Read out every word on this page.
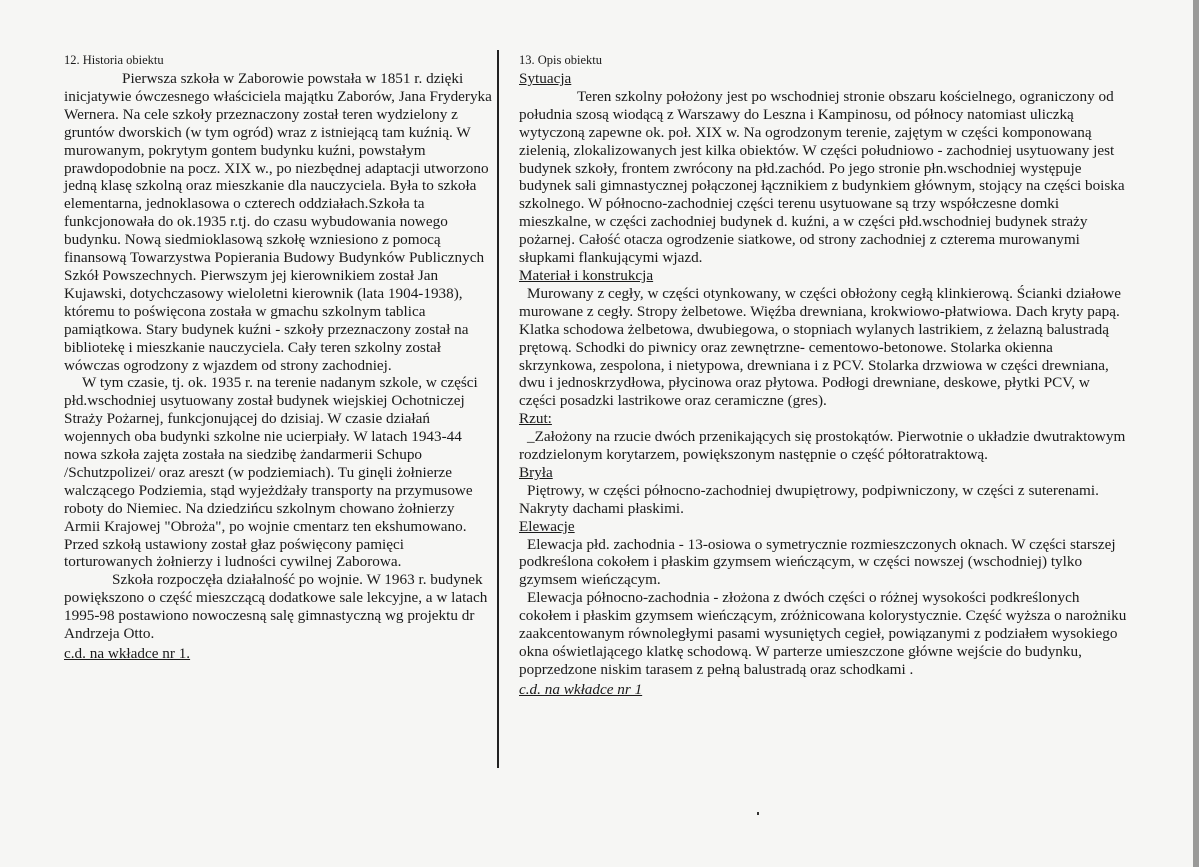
12. Historia obiektu

Pierwsza szkoła w Zaborowie powstała w 1851 r. dzięki inicjatywie ówczesnego właściciela majątku Zaborów, Jana Fryderyka Wernera. Na cele szkoły przeznaczony został teren wydzielony z gruntów dworskich (w tym ogród) wraz z istniejącą tam kuźnią. W murowanym, pokrytym gontem budynku kuźni, powstałym prawdopodobnie na pocz. XIX w., po niezbędnej adaptacji utworzono jedną klasę szkolną oraz mieszkanie dla nauczyciela. Była to szkoła elementarna, jednoklasowa o czterech oddziałach.Szkoła ta funkcjonowała do ok.1935 r.tj. do czasu wybudowania nowego budynku. Nową siedmioklasową szkołę wzniesiono z pomocą finansową Towarzystwa Popierania Budowy Budynków Publicznych Szkół Powszechnych. Pierwszym jej kierownikiem został Jan Kujawski, dotychczasowy wieloletni kierownik (lata 1904-1938), któremu to poświęcona została w gmachu szkolnym tablica pamiątkowa. Stary budynek kuźni - szkoły przeznaczony został na bibliotekę i mieszkanie nauczyciela. Cały teren szkolny został wówczas ogrodzony z wjazdem od strony zachodniej.

W tym czasie, tj. ok. 1935 r. na terenie nadanym szkole, w części płd.wschodniej usytuowany został budynek wiejskiej Ochotniczej Straży Pożarnej, funkcjonującej do dzisiaj. W czasie działań wojennych oba budynki szkolne nie ucierpiały. W latach 1943-44 nowa szkoła zajęta została na siedzibę żandarmerii Schupo /Schutzpolizei/ oraz areszt (w podziemiach). Tu ginęli żołnierze walczącego Podziemia, stąd wyjeżdżały transporty na przymusowe roboty do Niemiec. Na dziedzińcu szkolnym chowano żołnierzy Armii Krajowej "Obroża", po wojnie cmentarz ten ekshumowano. Przed szkołą ustawiony został głaz poświęcony pamięci torturowanych żołnierzy i ludności cywilnej Zaborowa.

Szkoła rozpoczęła działalność po wojnie. W 1963 r. budynek powiększono o część mieszczącą dodatkowe sale lekcyjne, a w latach 1995-98 postawiono nowoczesną salę gimnastyczną wg projektu dr Andrzeja Otto.

c.d. na wkładce nr 1.

13. Opis obiektu

Sytuacja

Teren szkolny położony jest po wschodniej stronie obszaru kościelnego, ograniczony od południa szosą wiodącą z Warszawy do Leszna i Kampinosu, od północy natomiast uliczką wytyczoną zapewne ok. poł. XIX w. Na ogrodzonym terenie, zajętym w części komponowaną zielenią, zlokalizowanych jest kilka obiektów. W części południowo - zachodniej usytuowany jest budynek szkoły, frontem zwrócony na płd.zachód. Po jego stronie płn.wschodniej występuje budynek sali gimnastycznej połączonej łącznikiem z budynkiem głównym, stojący na części boiska szkolnego. W północno-zachodniej części terenu usytuowane są trzy współczesne domki mieszkalne, w części zachodniej budynek d. kuźni, a w części płd.wschodniej budynek straży pożarnej. Całość otacza ogrodzenie siatkowe, od strony zachodniej z czterema murowanymi słupkami flankującymi wjazd.

Materiał i konstrukcja

Murowany z cegły, w części otynkowany, w części obłożony cegłą klinkierową. Ścianki działowe murowane z cegły. Stropy żelbetowe. Więźba drewniana, krokwiowo-płatwiowa. Dach kryty papą. Klatka schodowa żelbetowa, dwubiegowa, o stopniach wylanych lastrikiem, z żelazną balustradą prętową. Schodki do piwnicy oraz zewnętrzne- cementowo-betonowe. Stolarka okienna skrzynkowa, zespolona, i nietypowa, drewniana i z PCV. Stolarka drzwiowa w części drewniana, dwu i jednoskrzydłowa, płycinowa oraz płytowa. Podłogi drewniane, deskowe, płytki PCV, w części posadzki lastrikowe oraz ceramiczne (gres).

Rzut:

_Założony na rzucie dwóch przenikających się prostokątów. Pierwotnie o układzie dwutraktowym rozdzielonym korytarzem, powiększonym następnie o część półtoratraktową.

Bryła

Piętrowy, w części północno-zachodniej dwupiętrowy, podpiwniczony, w części z suterenami. Nakryty dachami płaskimi.

Elewacje

Elewacja płd. zachodnia - 13-osiowa o symetrycznie rozmieszczonych oknach. W części starszej podkreślona cokołem i płaskim gzymsem wieńczącym, w części nowszej (wschodniej) tylko gzymsem wieńczącym.

Elewacja północno-zachodnia - złożona z dwóch części o różnej wysokości podkreślonych cokołem i płaskim gzymsem wieńczącym, zróżnicowana kolorystycznie. Część wyższa o narożniku zaakcentowanym równoległymi pasami wysuniętych cegieł, powiązanymi z podziałem wysokiego okna oświetlającego klatkę schodową. W parterze umieszczone główne wejście do budynku, poprzedzone niskim tarasem z pełną balustradą oraz schodkami .

c.d. na wkładce nr 1
